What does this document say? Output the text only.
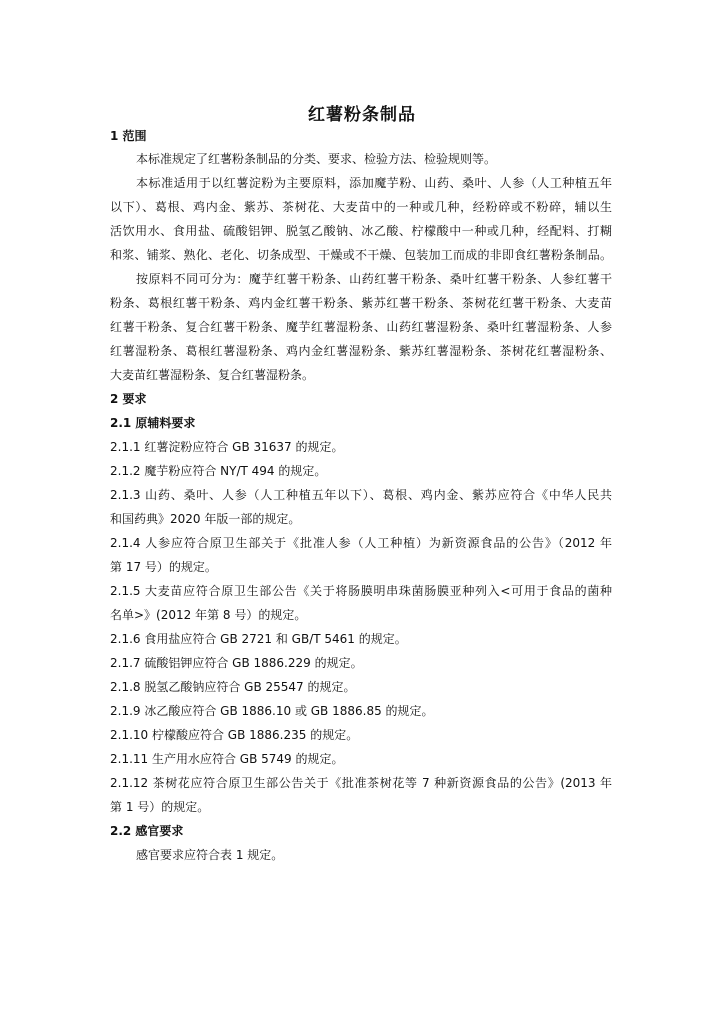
红薯粉条制品
1 范围
本标准规定了红薯粉条制品的分类、要求、检验方法、检验规则等。
本标准适用于以红薯淀粉为主要原料，添加魔芋粉、山药、桑叶、人参（人工种植五年
以下）、葛根、鸡内金、紫苏、茶树花、大麦苗中的一种或几种，经粉碎或不粉碎，辅以生
活饮用水、食用盐、硫酸铝钾、脱氢乙酸钠、冰乙酸、柠檬酸中一种或几种，经配料、打糊
和浆、铺浆、熟化、老化、切条成型、干燥或不干燥、包装加工而成的非即食红薯粉条制品。
按原料不同可分为：魔芋红薯干粉条、山药红薯干粉条、桑叶红薯干粉条、人参红薯干
粉条、葛根红薯干粉条、鸡内金红薯干粉条、紫苏红薯干粉条、茶树花红薯干粉条、大麦苗
红薯干粉条、复合红薯干粉条、魔芋红薯湿粉条、山药红薯湿粉条、桑叶红薯湿粉条、人参
红薯湿粉条、葛根红薯湿粉条、鸡内金红薯湿粉条、紫苏红薯湿粉条、茶树花红薯湿粉条、
大麦苗红薯湿粉条、复合红薯湿粉条。
2 要求
2.1 原辅料要求
2.1.1 红薯淀粉应符合 GB 31637 的规定。
2.1.2 魔芋粉应符合 NY/T 494 的规定。
2.1.3 山药、桑叶、人参（人工种植五年以下）、葛根、鸡内金、紫苏应符合《中华人民共
和国药典》2020 年版一部的规定。
2.1.4 人参应符合原卫生部关于《批准人参（人工种植）为新资源食品的公告》（2012 年
第 17 号）的规定。
2.1.5 大麦苗应符合原卫生部公告《关于将肠膜明串珠菌肠膜亚种列入<可用于食品的菌种
名单>》(2012 年第 8 号）的规定。
2.1.6 食用盐应符合 GB 2721 和 GB/T 5461 的规定。
2.1.7 硫酸铝钾应符合 GB 1886.229 的规定。
2.1.8 脱氢乙酸钠应符合 GB 25547 的规定。
2.1.9 冰乙酸应符合 GB 1886.10 或 GB 1886.85 的规定。
2.1.10 柠檬酸应符合 GB 1886.235 的规定。
2.1.11 生产用水应符合 GB 5749 的规定。
2.1.12 茶树花应符合原卫生部公告关于《批准茶树花等 7 种新资源食品的公告》(2013 年
第 1 号）的规定。
2.2 感官要求
感官要求应符合表 1 规定。
